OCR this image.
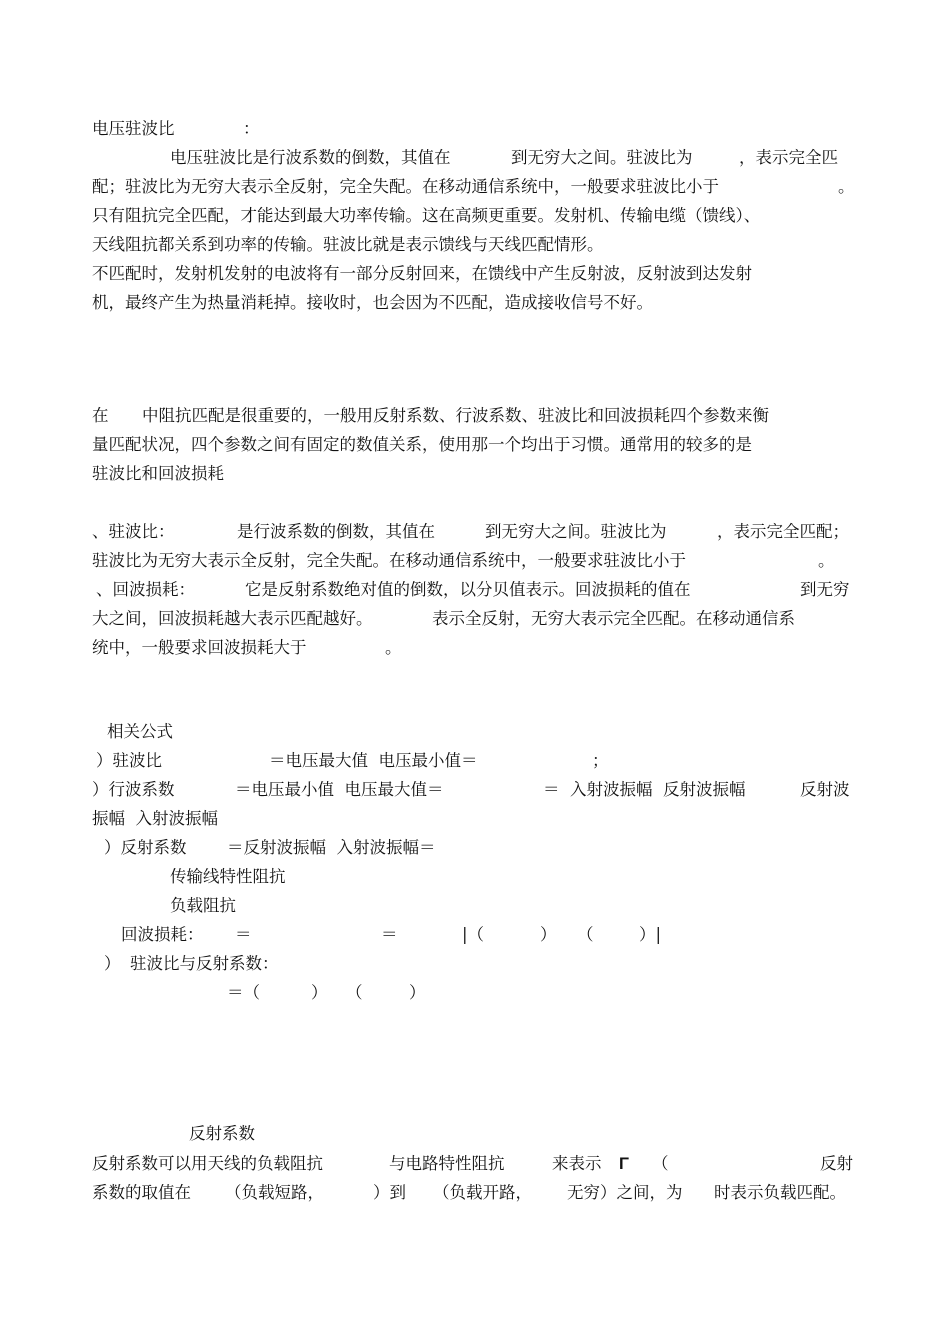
电压驻波比	：
电压驻波比是行波系数的倒数，其值在	到无穷大之间。驻波比为	，表示完全匹
配；驻波比为无穷大表示全反射，完全失配。在移动通信系统中，一般要求驻波比小于	。
只有阻抗完全匹配，才能达到最大功率传输。这在高频更重要。发射机、传输电缆（馈线）、
天线阻抗都关系到功率的传输。驻波比就是表示馈线与天线匹配情形。
不匹配时，发射机发射的电波将有一部分反射回来，在馈线中产生反射波，反射波到达发射
机，最终产生为热量消耗掉。接收时，也会因为不匹配，造成接收信号不好。
在 中阻抗匹配是很重要的，一般用反射系数、行波系数、驻波比和回波损耗四个参数来衡
量匹配状况，四个参数之间有固定的数值关系，使用那一个均出于习惯。通常用的较多的是
驻波比和回波损耗
、驻波比：	是行波系数的倒数，其值在	到无穷大之间。驻波比为	，表示完全匹配；
驻波比为无穷大表示全反射，完全失配。在移动通信系统中，一般要求驻波比小于	。
、回波损耗：	它是反射系数绝对值的倒数，以分贝值表示。回波损耗的值在	到无穷
大之间，回波损耗越大表示匹配越好。	表示全反射，无穷大表示完全匹配。在移动通信系
统中，一般要求回波损耗大于	。
相关公式
）驻波比	＝电压最大值  电压最小值＝	；
）行波系数	＝电压最小值  电压最大值＝	＝  入射波振幅  反射波振幅	反射波
振幅  入射波振幅
）反射系数 ＝反射波振幅  入射波振幅＝
传输线特性阻抗
负载阻抗
回波损耗： ＝	＝	|（	） （	）|
） 驻波比与反射系数：
＝（	） （	）
反射系数
反射系数可以用天线的负载阻抗	与电路特性阻抗	来表示 Γ （	反射
系数的取值在 （负载短路，	）到 （负载开路， 无穷）之间，为 时表示负载匹配。
